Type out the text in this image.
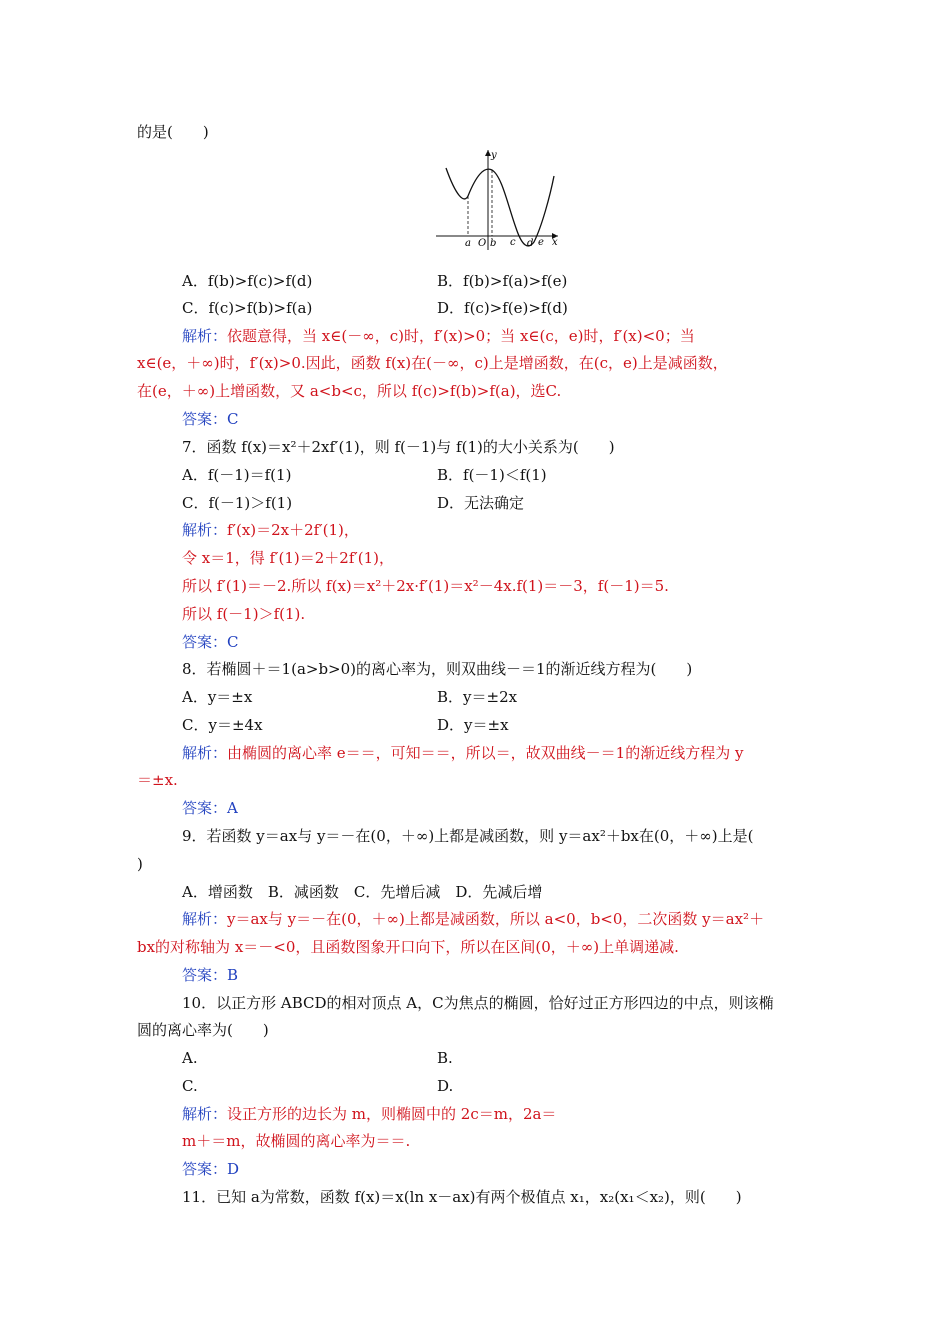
的是(　　)
y
x
O
a b c d e
A．f(b)>f(c)>f(d)	B．f(b)>f(a)>f(e)
C．f(c)>f(b)>f(a)	D．f(c)>f(e)>f(d)
解析：依题意得，当 x∈(－∞，c)时，f′(x)>0；当 x∈(c，e)时，f′(x)<0；当
x∈(e，＋∞)时，f′(x)>0.因此，函数 f(x)在(－∞，c)上是增函数，在(c，e)上是减函数，
在(e，＋∞)上增函数，又 a<b<c，所以 f(c)>f(b)>f(a)，选C.
答案：C
7．函数 f(x)＝x²＋2xf′(1)，则 f(－1)与 f(1)的大小关系为(　　)
A．f(－1)＝f(1)	B．f(－1)＜f(1)
C．f(－1)＞f(1)	D．无法确定
解析：f′(x)＝2x＋2f′(1)，
令 x＝1，得 f′(1)＝2＋2f′(1)，
所以 f′(1)＝－2.所以 f(x)＝x²＋2x·f′(1)＝x²－4x.f(1)＝－3，f(－1)＝5.
所以 f(－1)＞f(1).
答案：C
8．若椭圆＋＝1(a>b>0)的离心率为，则双曲线－＝1的渐近线方程为(　　)
A．y＝±x	B．y＝±2x
C．y＝±4x	D．y＝±x
解析：由椭圆的离心率 e＝＝，可知＝＝，所以＝，故双曲线－＝1的渐近线方程为 y
＝±x.
答案：A
9．若函数 y＝ax与 y＝－在(0，＋∞)上都是减函数，则 y＝ax²＋bx在(0，＋∞)上是(
)
A．增函数　B．减函数　C．先增后减　D．先减后增
解析：y＝ax与 y＝－在(0，＋∞)上都是减函数，所以 a<0，b<0，二次函数 y＝ax²＋
bx的对称轴为 x＝－<0，且函数图象开口向下，所以在区间(0，＋∞)上单调递减.
答案：B
10．以正方形 ABCD的相对顶点 A，C为焦点的椭圆，恰好过正方形四边的中点，则该椭
圆的离心率为(　　)
A.	B.
C.	D.
解析：设正方形的边长为 m，则椭圆中的 2c＝m，2a＝
m＋＝m，故椭圆的离心率为＝＝.
答案：D
11．已知 a为常数，函数 f(x)＝x(ln x－ax)有两个极值点 x₁，x₂(x₁＜x₂)，则(　　)
